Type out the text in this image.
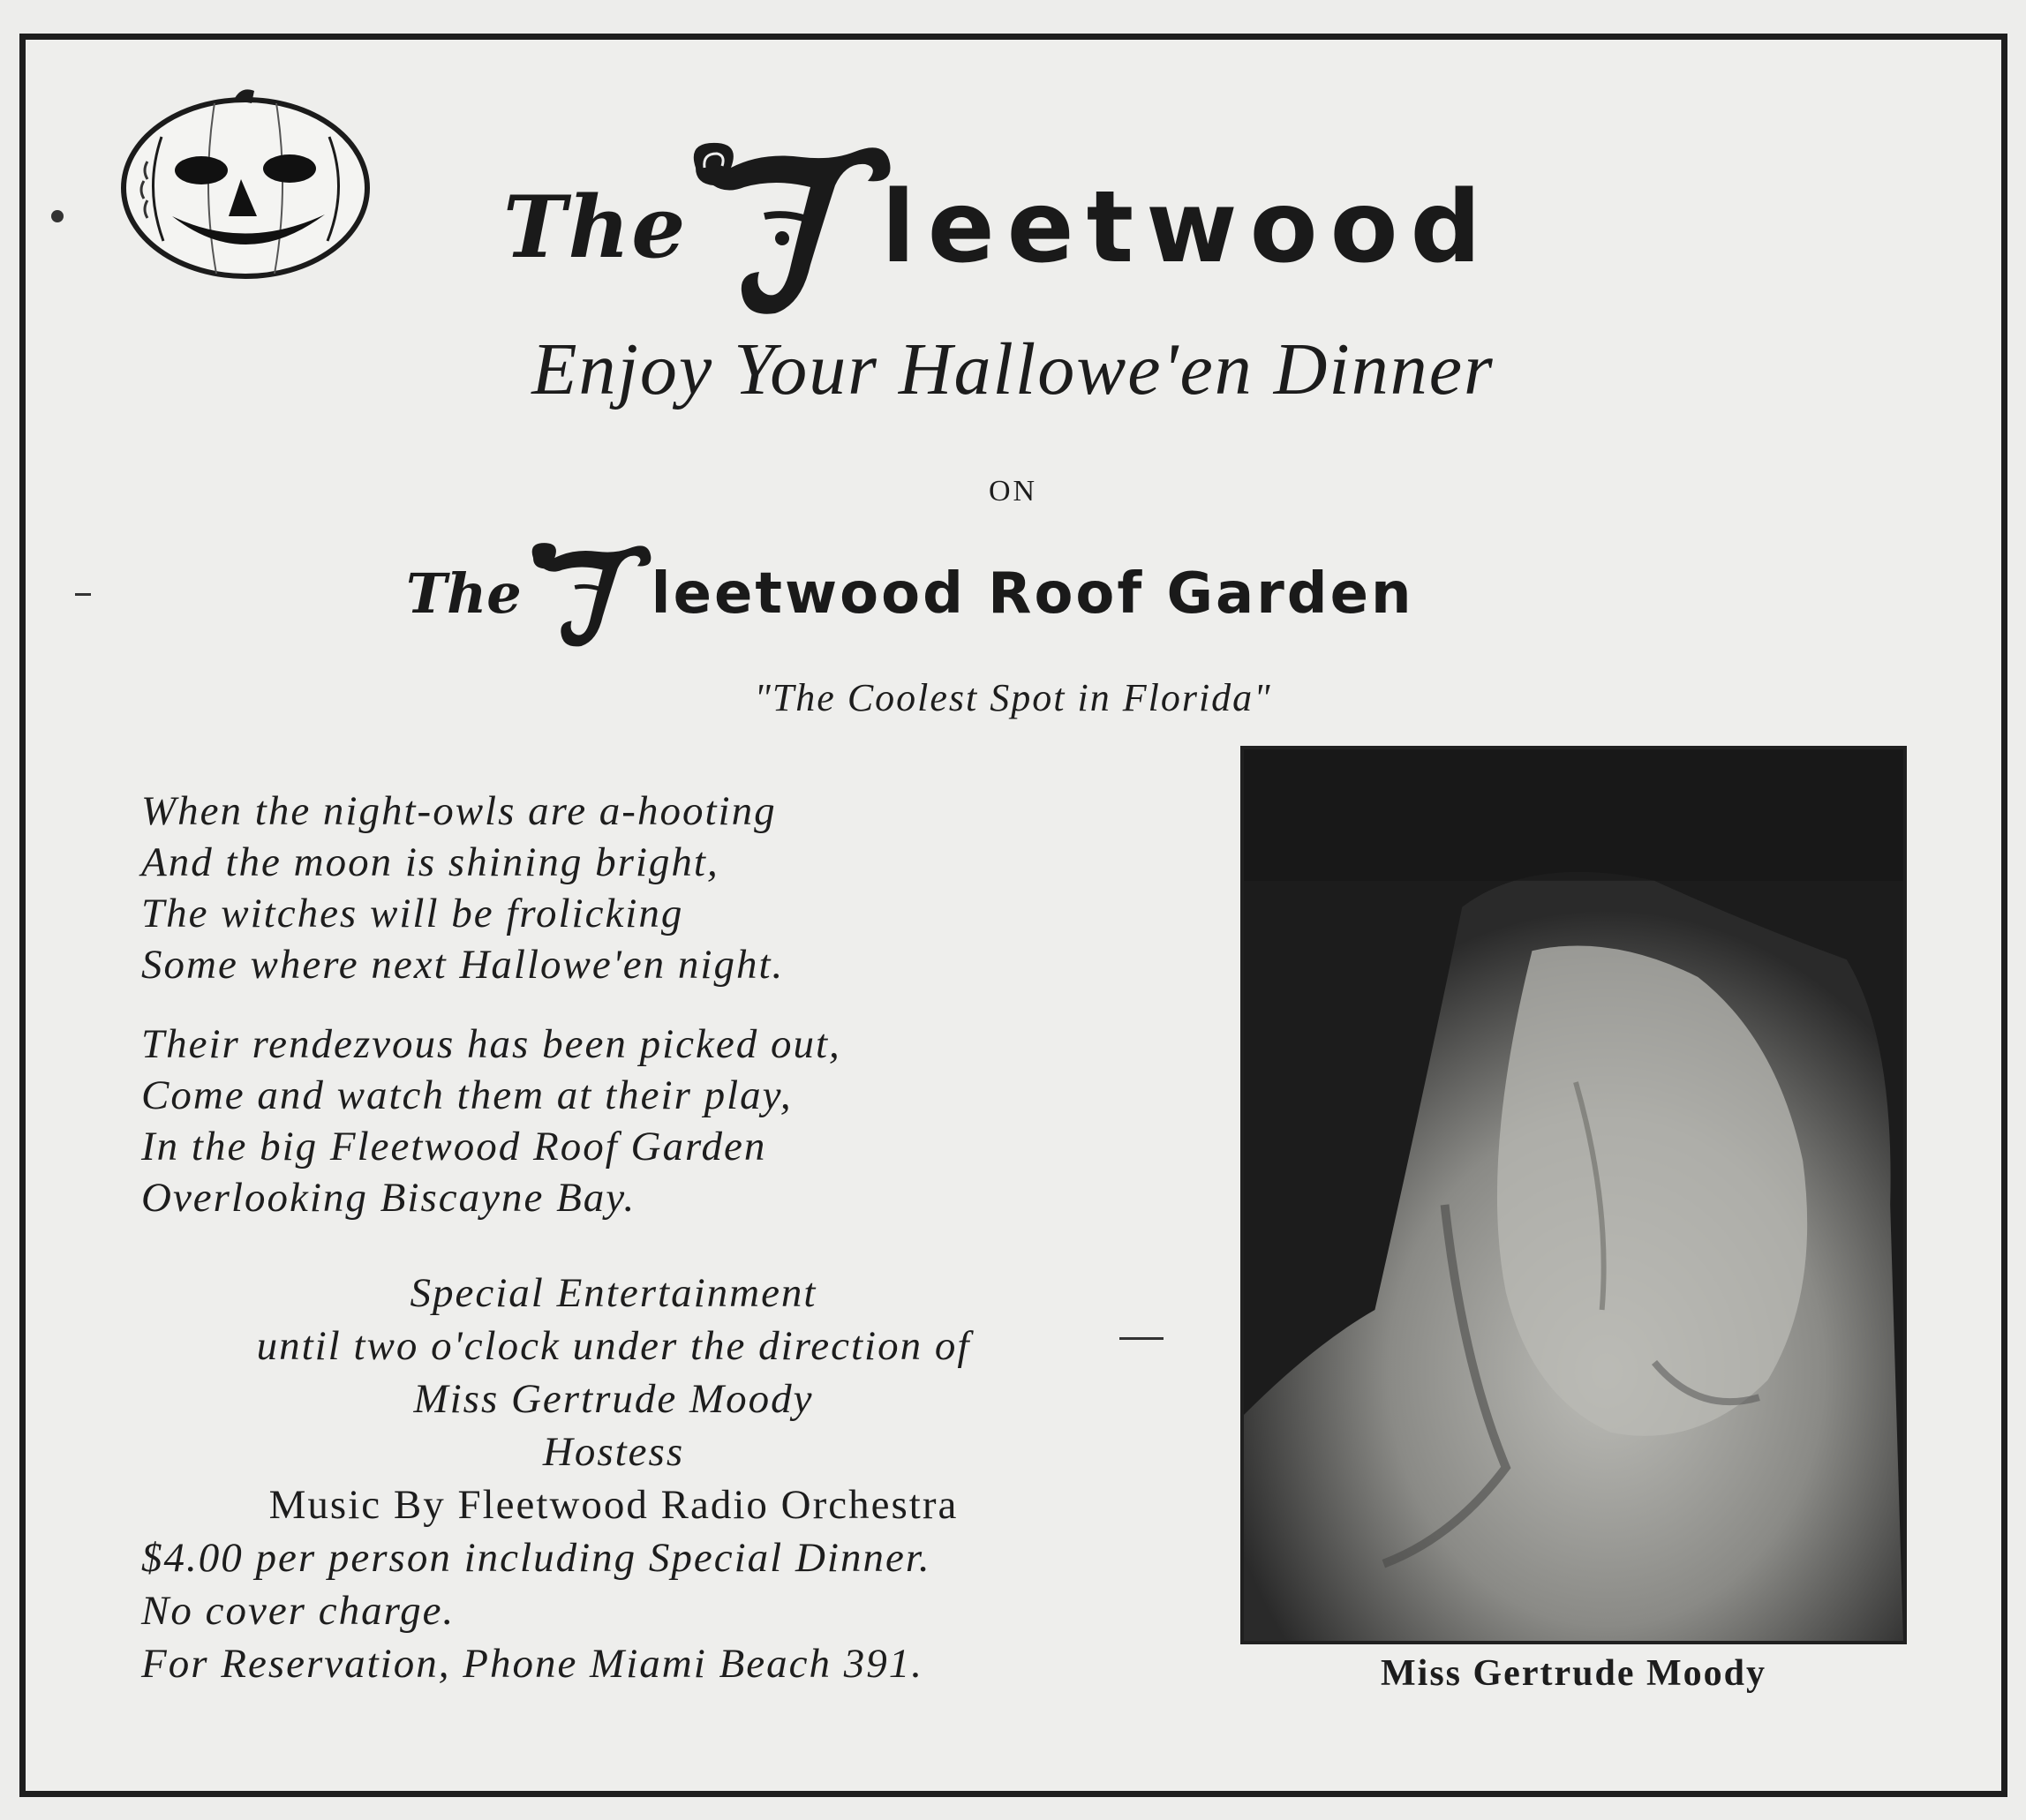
The leetwood
Enjoy Your Hallowe'en Dinner
ON
The leetwood Roof Garden
"The Coolest Spot in Florida"
When the night-owls are a-hooting
And the moon is shining bright,
The witches will be frolicking
Some where next Hallowe'en night.
Their rendezvous has been picked out,
Come and watch them at their play,
In the big Fleetwood Roof Garden
Overlooking Biscayne Bay.
Special Entertainment
until two o'clock under the direction of
Miss Gertrude Moody
Hostess
Music By Fleetwood Radio Orchestra
$4.00 per person including Special Dinner.
No cover charge.
For Reservation, Phone Miami Beach 391.	Miss Gertrude Moody
